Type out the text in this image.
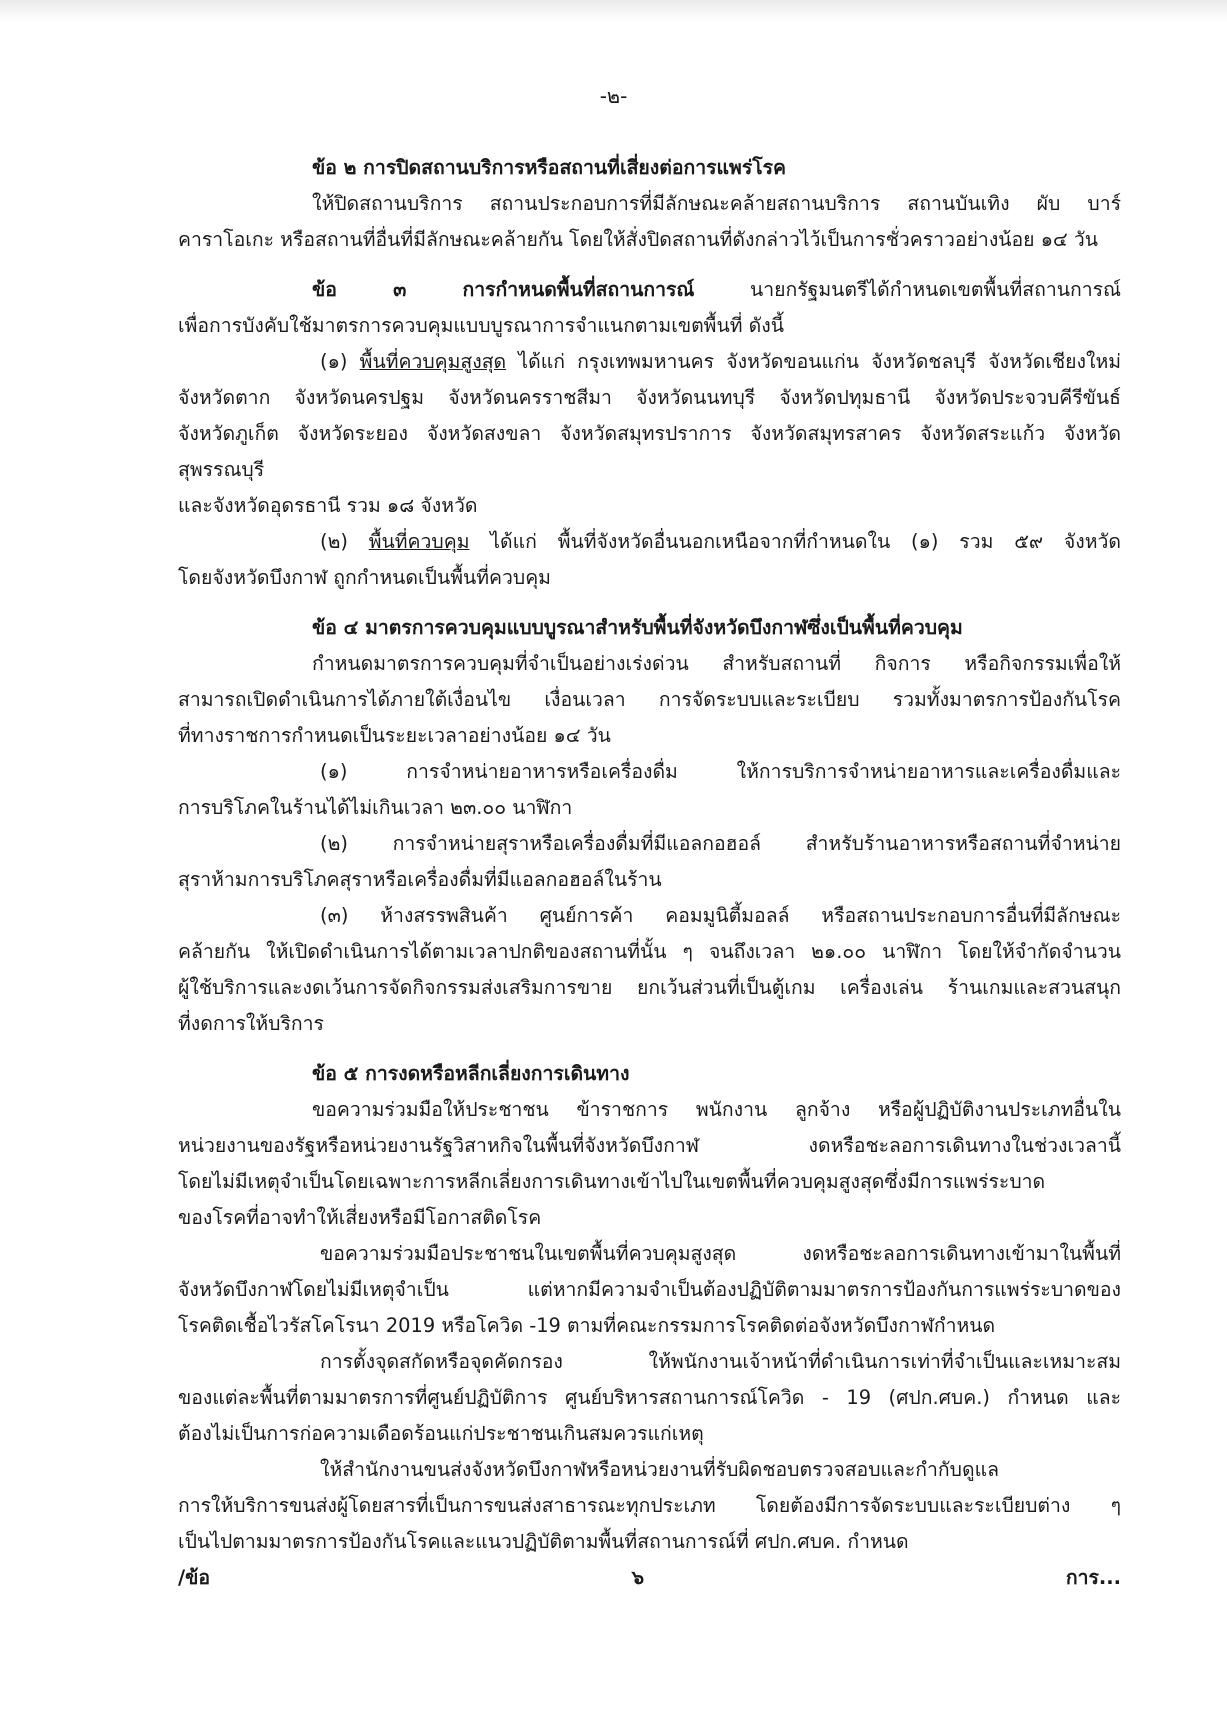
-๒-

ข้อ ๒ การปิดสถานบริการหรือสถานที่เสี่ยงต่อการแพร่โรค

ให้ปิดสถานบริการ สถานประกอบการที่มีลักษณะคล้ายสถานบริการ สถานบันเทิง ผับ บาร์

คาราโอเกะ หรือสถานที่อื่นที่มีลักษณะคล้ายกัน โดยให้สั่งปิดสถานที่ดังกล่าวไว้เป็นการชั่วคราวอย่างน้อย ๑๔ วัน

ข้อ ๓ การกำหนดพื้นที่สถานการณ์ นายกรัฐมนตรีได้กำหนดเขตพื้นที่สถานการณ์

เพื่อการบังคับใช้มาตรการควบคุมแบบบูรณาการจำแนกตามเขตพื้นที่ ดังนี้

(๑) พื้นที่ควบคุมสูงสุด ได้แก่ กรุงเทพมหานคร จังหวัดขอนแก่น จังหวัดชลบุรี จังหวัดเชียงใหม่

จังหวัดตาก จังหวัดนครปฐม จังหวัดนครราชสีมา จังหวัดนนทบุรี จังหวัดปทุมธานี จังหวัดประจวบคีรีขันธ์

จังหวัดภูเก็ต จังหวัดระยอง จังหวัดสงขลา จังหวัดสมุทรปราการ จังหวัดสมุทรสาคร จังหวัดสระแก้ว จังหวัดสุพรรณบุรี

และจังหวัดอุดรธานี รวม ๑๘ จังหวัด

(๒) พื้นที่ควบคุม ได้แก่ พื้นที่จังหวัดอื่นนอกเหนือจากที่กำหนดใน (๑) รวม ๕๙ จังหวัด

โดยจังหวัดบึงกาฬ ถูกกำหนดเป็นพื้นที่ควบคุม

ข้อ ๔ มาตรการควบคุมแบบบูรณาสำหรับพื้นที่จังหวัดบึงกาฬซึ่งเป็นพื้นที่ควบคุม

กำหนดมาตรการควบคุมที่จำเป็นอย่างเร่งด่วน สำหรับสถานที่ กิจการ หรือกิจกรรมเพื่อให้

สามารถเปิดดำเนินการได้ภายใต้เงื่อนไข เงื่อนเวลา การจัดระบบและระเบียบ รวมทั้งมาตรการป้องกันโรค

ที่ทางราชการกำหนดเป็นระยะเวลาอย่างน้อย ๑๔ วัน

(๑) การจำหน่ายอาหารหรือเครื่องดื่ม ให้การบริการจำหน่ายอาหารและเครื่องดื่มและ

การบริโภคในร้านได้ไม่เกินเวลา ๒๓.๐๐ นาฬิกา

(๒) การจำหน่ายสุราหรือเครื่องดื่มที่มีแอลกอฮอล์ สำหรับร้านอาหารหรือสถานที่จำหน่าย

สุราห้ามการบริโภคสุราหรือเครื่องดื่มที่มีแอลกอฮอล์ในร้าน

(๓) ห้างสรรพสินค้า ศูนย์การค้า คอมมูนิตี้มอลล์ หรือสถานประกอบการอื่นที่มีลักษณะ

คล้ายกัน ให้เปิดดำเนินการได้ตามเวลาปกติของสถานที่นั้น ๆ จนถึงเวลา ๒๑.๐๐ นาฬิกา โดยให้จำกัดจำนวน

ผู้ใช้บริการและงดเว้นการจัดกิจกรรมส่งเสริมการขาย ยกเว้นส่วนที่เป็นตู้เกม เครื่องเล่น ร้านเกมและสวนสนุก

ที่งดการให้บริการ

ข้อ ๕ การงดหรือหลีกเลี่ยงการเดินทาง

ขอความร่วมมือให้ประชาชน ข้าราชการ พนักงาน ลูกจ้าง หรือผู้ปฏิบัติงานประเภทอื่นใน

หน่วยงานของรัฐหรือหน่วยงานรัฐวิสาหกิจในพื้นที่จังหวัดบึงกาฬ งดหรือชะลอการเดินทางในช่วงเวลานี้

โดยไม่มีเหตุจำเป็นโดยเฉพาะการหลีกเลี่ยงการเดินทางเข้าไปในเขตพื้นที่ควบคุมสูงสุดซึ่งมีการแพร่ระบาด

ของโรคที่อาจทำให้เสี่ยงหรือมีโอกาสติดโรค

ขอความร่วมมือประชาชนในเขตพื้นที่ควบคุมสูงสุด งดหรือชะลอการเดินทางเข้ามาในพื้นที่

จังหวัดบึงกาฬโดยไม่มีเหตุจำเป็น แต่หากมีความจำเป็นต้องปฏิบัติตามมาตรการป้องกันการแพร่ระบาดของ

โรคติดเชื้อไวรัสโคโรนา 2019 หรือโควิด -19 ตามที่คณะกรรมการโรคติดต่อจังหวัดบึงกาฬกำหนด

การตั้งจุดสกัดหรือจุดคัดกรอง ให้พนักงานเจ้าหน้าที่ดำเนินการเท่าที่จำเป็นและเหมาะสม

ของแต่ละพื้นที่ตามมาตรการที่ศูนย์ปฏิบัติการ ศูนย์บริหารสถานการณ์โควิด - 19 (ศปก.ศบค.) กำหนด และ

ต้องไม่เป็นการก่อความเดือดร้อนแก่ประชาชนเกินสมควรแก่เหตุ

ให้สำนักงานขนส่งจังหวัดบึงกาฬหรือหน่วยงานที่รับผิดชอบตรวจสอบและกำกับดูแล

การให้บริการขนส่งผู้โดยสารที่เป็นการขนส่งสาธารณะทุกประเภท โดยต้องมีการจัดระบบและระเบียบต่าง ๆ

เป็นไปตามมาตรการป้องกันโรคและแนวปฏิบัติตามพื้นที่สถานการณ์ที่ ศปก.ศบค. กำหนด

/ข้อ ๖ การ...
